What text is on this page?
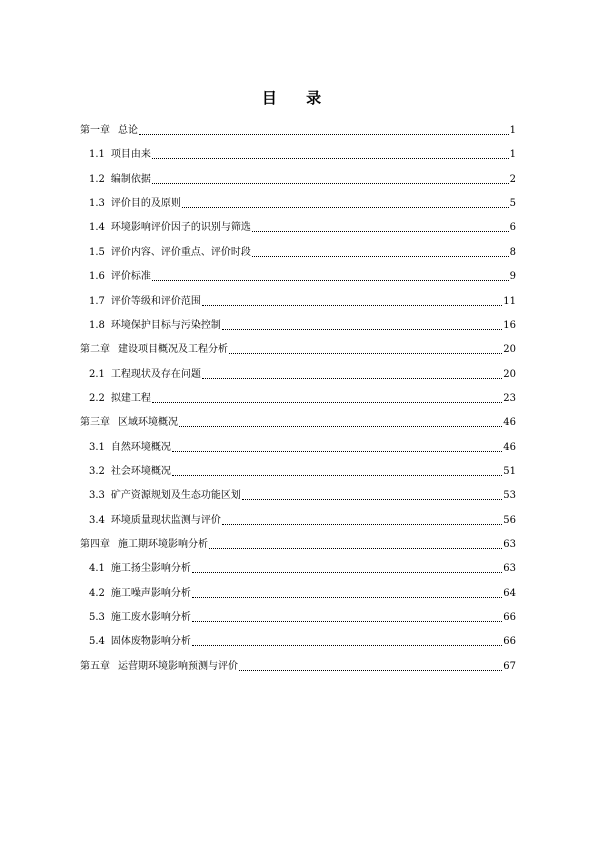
目 录
第一章 总论	1
1.1 项目由来	1
1.2 编制依据	2
1.3 评价目的及原则	5
1.4 环境影响评价因子的识别与筛选	6
1.5 评价内容、评价重点、评价时段	8
1.6 评价标准	9
1.7 评价等级和评价范围	11
1.8 环境保护目标与污染控制	16
第二章 建设项目概况及工程分析	20
2.1 工程现状及存在问题	20
2.2 拟建工程	23
第三章 区域环境概况	46
3.1 自然环境概况	46
3.2 社会环境概况	51
3.3 矿产资源规划及生态功能区划	53
3.4 环境质量现状监测与评价	56
第四章 施工期环境影响分析	63
4.1 施工扬尘影响分析	63
4.2 施工噪声影响分析	64
5.3 施工废水影响分析	66
5.4 固体废物影响分析	66
第五章 运营期环境影响预测与评价	67
